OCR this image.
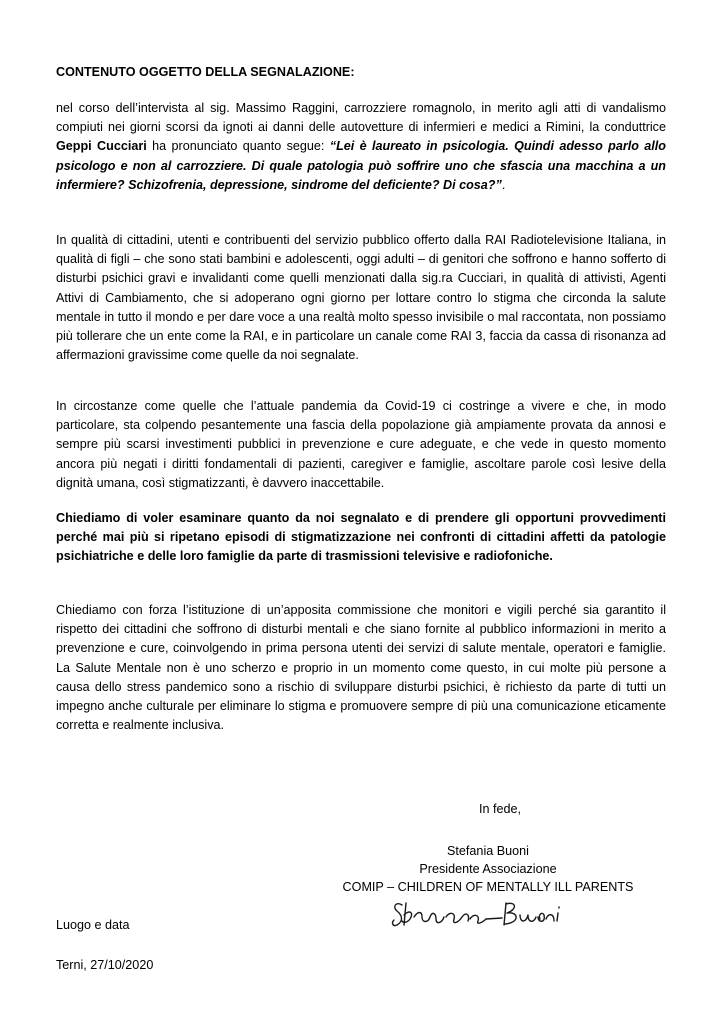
CONTENUTO OGGETTO DELLA SEGNALAZIONE:
nel corso dell’intervista al sig. Massimo Raggini, carrozziere romagnolo, in merito agli atti di vandalismo compiuti nei giorni scorsi da ignoti ai danni delle autovetture di infermieri e medici a Rimini, la conduttrice Geppi Cucciari ha pronunciato quanto segue: “Lei è laureato in psicologia. Quindi adesso parlo allo psicologo e non al carrozziere. Di quale patologia può soffrire uno che sfascia una macchina a un infermiere? Schizofrenia, depressione, sindrome del deficiente? Di cosa?”.
In qualità di cittadini, utenti e contribuenti del servizio pubblico offerto dalla RAI Radiotelevisione Italiana, in qualità di figli – che sono stati bambini e adolescenti, oggi adulti – di genitori che soffrono e hanno sofferto di disturbi psichici gravi e invalidanti come quelli menzionati dalla sig.ra Cucciari, in qualità di attivisti, Agenti Attivi di Cambiamento, che si adoperano ogni giorno per lottare contro lo stigma che circonda la salute mentale in tutto il mondo e per dare voce a una realtà molto spesso invisibile o mal raccontata, non possiamo più tollerare che un ente come la RAI, e in particolare un canale come RAI 3, faccia da cassa di risonanza ad affermazioni gravissime come quelle da noi segnalate.
In circostanze come quelle che l’attuale pandemia da Covid-19 ci costringe a vivere e che, in modo particolare, sta colpendo pesantemente una fascia della popolazione già ampiamente provata da annosi e sempre più scarsi investimenti pubblici in prevenzione e cure adeguate, e che vede in questo momento ancora più negati i diritti fondamentali di pazienti, caregiver e famiglie, ascoltare parole così lesive della dignità umana, così stigmatizzanti, è davvero inaccettabile.
Chiediamo di voler esaminare quanto da noi segnalato e di prendere gli opportuni provvedimenti perché mai più si ripetano episodi di stigmatizzazione nei confronti di cittadini affetti da patologie psichiatriche e delle loro famiglie da parte di trasmissioni televisive e radiofoniche.
Chiediamo con forza l’istituzione di un’apposita commissione che monitori e vigili perché sia garantito il rispetto dei cittadini che soffrono di disturbi mentali e che siano fornite al pubblico informazioni in merito a prevenzione e cure, coinvolgendo in prima persona utenti dei servizi di salute mentale, operatori e famiglie. La Salute Mentale non è uno scherzo e proprio in un momento come questo, in cui molte più persone a causa dello stress pandemico sono a rischio di sviluppare disturbi psichici, è richiesto da parte di tutti un impegno anche culturale per eliminare lo stigma e promuovere sempre di più una comunicazione eticamente corretta e realmente inclusiva.
In fede,
Stefania Buoni
Presidente Associazione
COMIP – CHILDREN OF MENTALLY ILL PARENTS
Luogo e data
Terni, 27/10/2020
